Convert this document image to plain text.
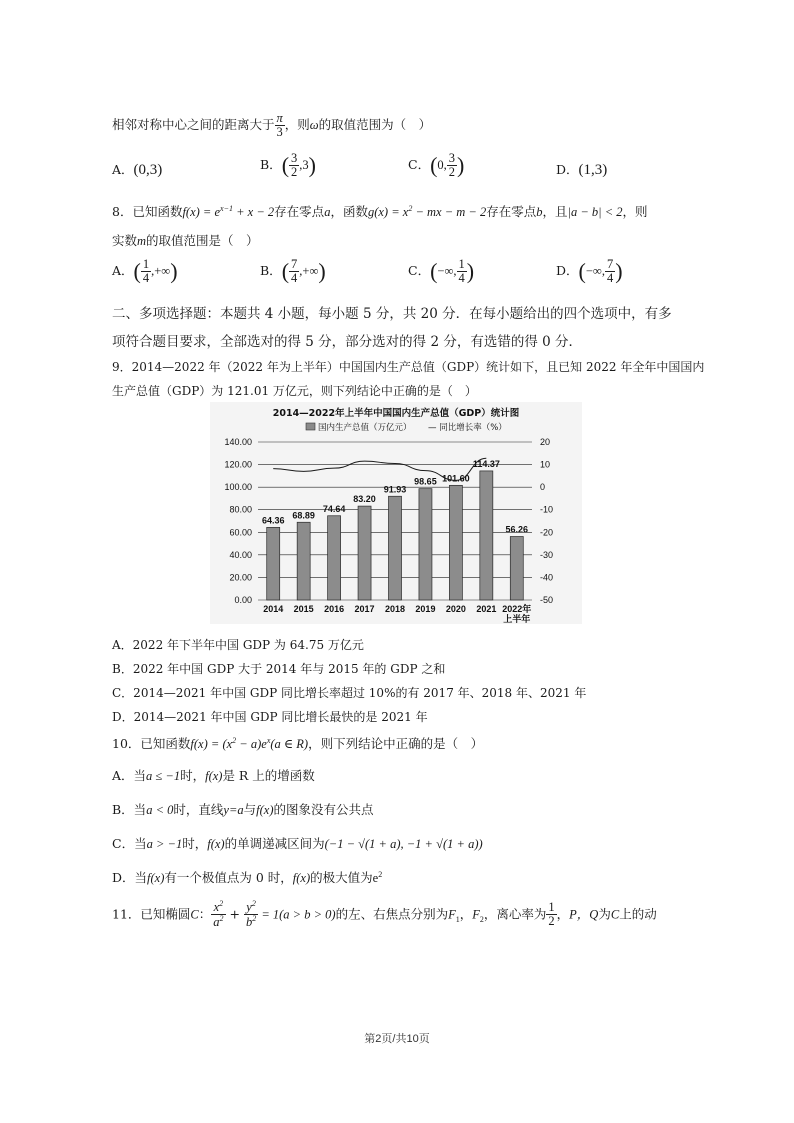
相邻对称中心之间的距离大于 $\frac{\pi}{3}$ ，则ω的取值范围为（　）
A．(0,3)	B．( $\frac{3}{2} ,3$)	C．(0, $\frac{3}{2}$ )	D．(1,3)
8．已知函数$f(x) = e^{x-1} + x - 2$存在零点a，函数$g(x) = x^2$ − mx − m − 2存在零点b，且|a − b| < 2，则
实数m的取值范围是（　）
A．( $\frac{1}{4}$ ,+∞)	B．( $\frac{7}{4}$ ,+∞)	C．(−∞, $\frac{1}{4}$ )	D．(−∞, $\frac{7}{4}$ )
二、多项选择题：本题共 4 小题，每小题 5 分，共 20 分．在每小题给出的四个选项中，有多
项符合题目要求，全部选对的得 5 分，部分选对的得 2 分，有选错的得 0 分．
9．2014—2022 年（2022 年为上半年）中国国内生产总值（GDP）统计如下，且已知 2022 年全年中国国内
生产总值（GDP）为 121.01 万亿元，则下列结论中正确的是（　）
2014—2022年上半年中国国内生产总值（GDP）统计图
国内生产总值（万亿元） — 同比增长率（%）
0.00
20.00
40.00
60.00
80.00
100.00
120.00
140.00
-50
-40
-30
-20
-10
0
10
20
64.36
68.89
74.64
83.20
91.93
98.65 101.60
114.37
56.26
2014 2015 2016 2017 2018 2019 2020 2021 2022年
上半年
A．2022 年下半年中国 GDP 为 64.75 万亿元
B．2022 年中国 GDP 大于 2014 年与 2015 年的 GDP 之和
C．2014—2021 年中国 GDP 同比增长率超过 10%的有 2017 年、2018 年、2021 年
D．2014—2021 年中国 GDP 同比增长最快的是 2021 年
10．已知函数$f(x) = (x^2 - a)e^x(a$ ∈ R)，则下列结论中正确的是（　）
A．当a ≤ −1时，f(x)是 R 上的增函数
B．当a < 0时，直线y=a与f(x)的图象没有公共点
C．当a > −1时，f(x)的单调递减区间为(−1 − √(1 + a), −1 + √(1 + a))
D．当f(x)有一个极值点为 0 时，f(x)的极大值为$e^2$
11．已知椭圆C： $\frac{x^2}{a^2} + \frac{y^2}{b^2} = 1(a > b > 0)$的左、右焦点分别为$F_1$，$F_2$，离心率为 $\frac{1}{2}$ ，P，Q为C上的动
第2页/共10页
